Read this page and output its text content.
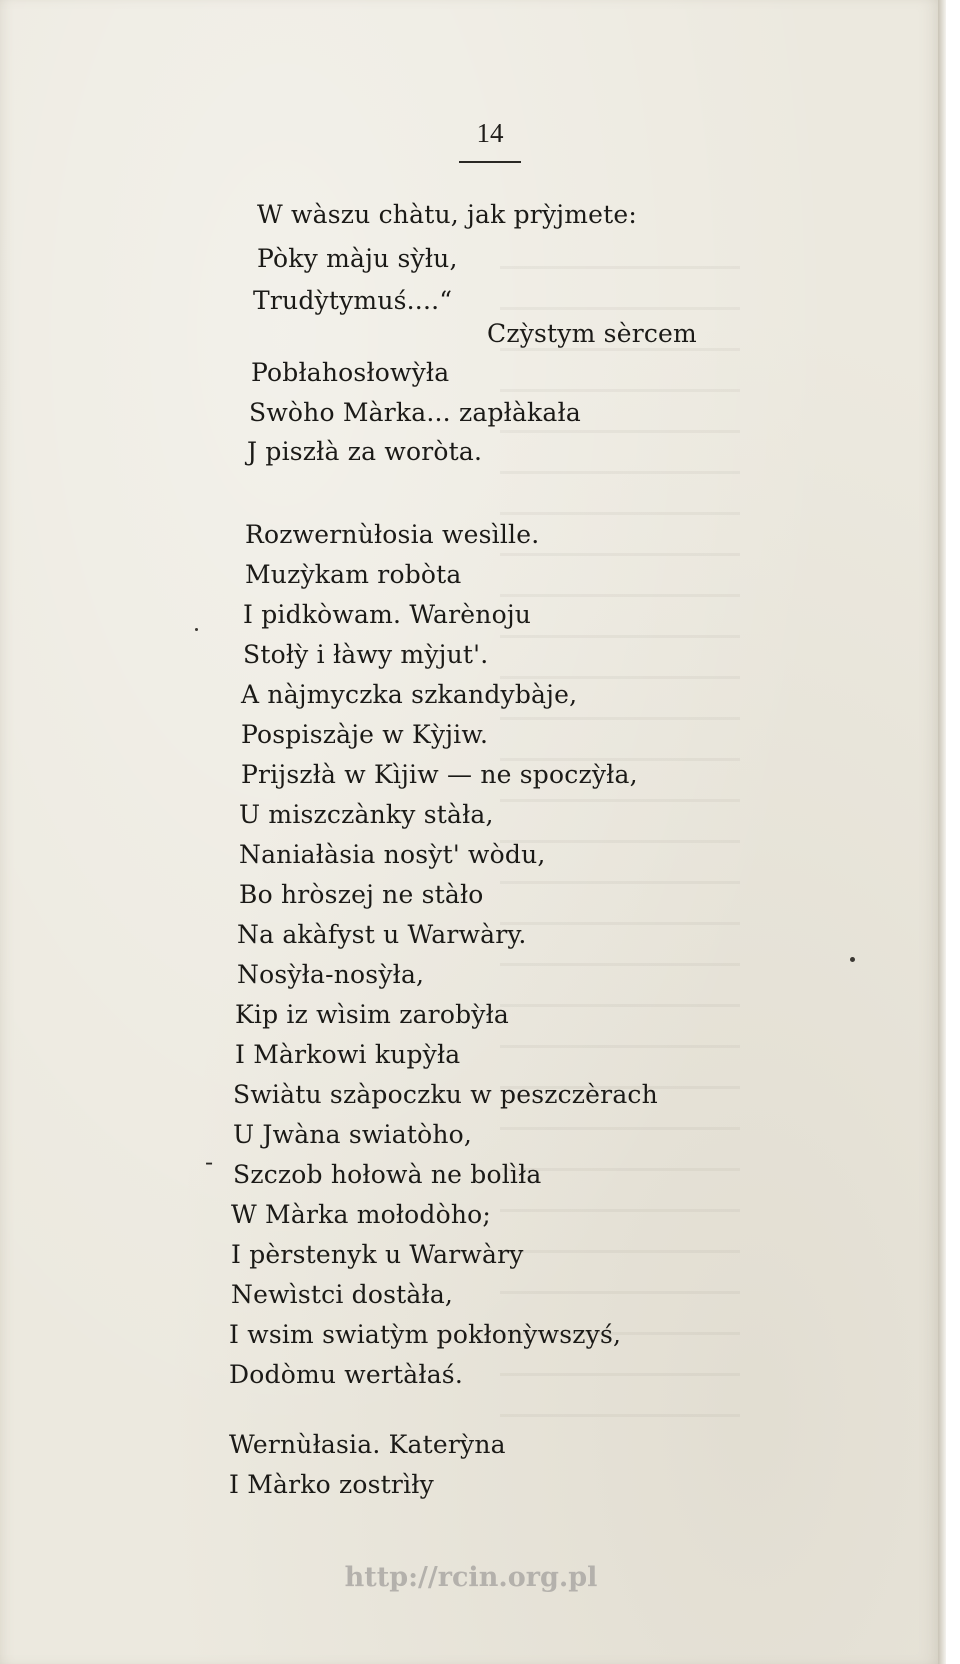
14
W wàszu chàtu, jak prỳjmete:
Pòky màju sỳłu,
Trudỳtymuś....“
Czỳstym sèrcem
Pobłahosłowỳła
Swòho Màrka... zapłàkała
J piszłà za woròta.
Rozwernùłosia wesìlle.
Muzỳkam robòta
I pidkòwam. Warènoju
Stołỳ i łàwy mỳjut'.
A nàjmyczka szkandybàje,
Pospiszàje w Kỳjiw.
Prijszłà w Kìjiw — ne spoczỳła,
U miszczànky stàła,
Naniałàsia nosỳt' wòdu,
Bo hròszej ne stàło
Na akàfyst u Warwàry.
Nosỳła-nosỳła,
Kip iz wìsim zarobỳła
I Màrkowi kupỳła
Swiàtu szàpoczku w peszczèrach
U Jwàna swiatòho,
Szczob hołowà ne bolìła
W Màrka mołodòho;
I pèrstenyk u Warwàry
Newìstci dostàła,
I wsim swiatỳm pokłonỳwszyś,
Dodòmu wertàłaś.
Wernùłasia. Katerỳna
I Màrko zostrìły
-
http://rcin.org.pl
